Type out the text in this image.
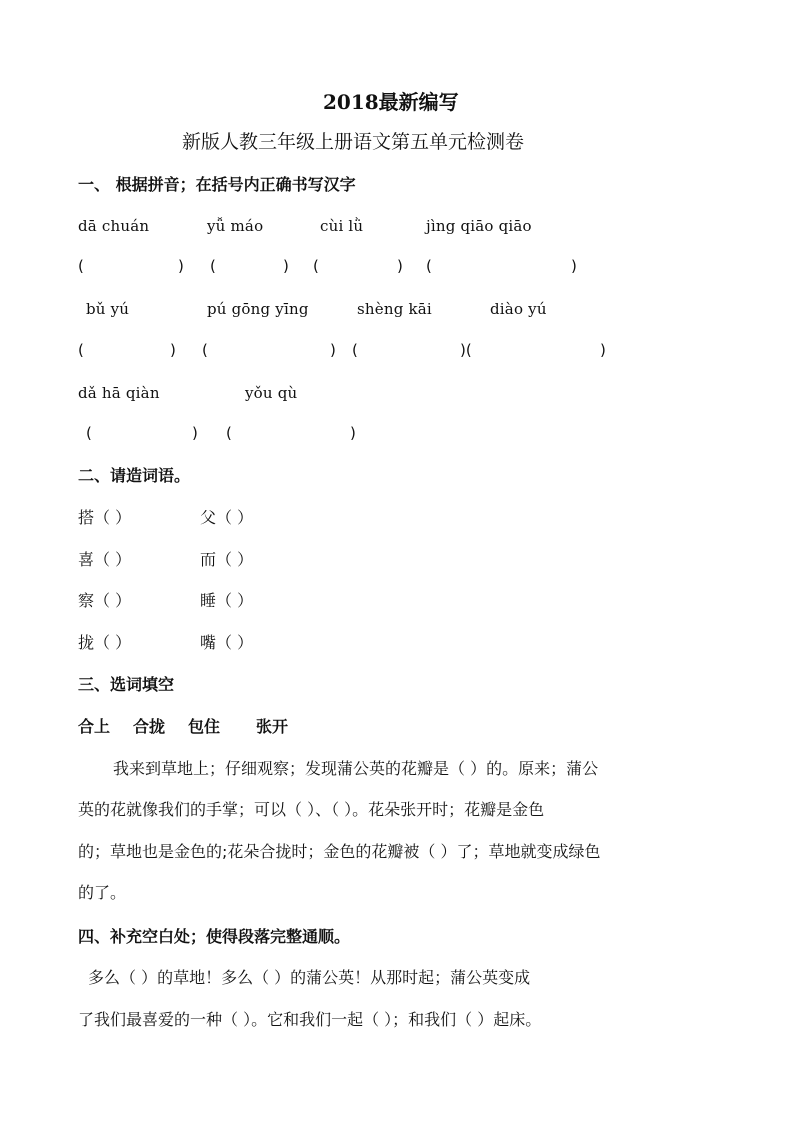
2018最新编写
新版人教三年级上册语文第五单元检测卷
一、 根据拼音；在括号内正确书写汉字
dā chuán	yǚ máo	cùi lǜ	jìng qiāo qiāo
(	) (	) (	) (	)
bǔ yú	pú gōng yīng	shèng kāi	diào yú
(	) (	) (	)(	)
dǎ hā qiàn	yǒu qù
(	) (	)
二、请造词语。
搭（ ）	父（ ）
喜（ ）	而（ ）
察（ ）	睡（ ）
拢（ ）	嘴（ ）
三、选词填空
合上 合拢 包住 张开
我来到草地上；仔细观察；发现蒲公英的花瓣是（ ）的。原来；蒲公
英的花就像我们的手掌；可以（ ）、（ ）。花朵张开时；花瓣是金色
的；草地也是金色的;花朵合拢时；金色的花瓣被（ ）了；草地就变成绿色
的了。
四、补充空白处；使得段落完整通顺。
多么（ ）的草地！多么（ ）的蒲公英！从那时起；蒲公英变成
了我们最喜爱的一种（ ）。它和我们一起（ ）；和我们（ ）起床。
